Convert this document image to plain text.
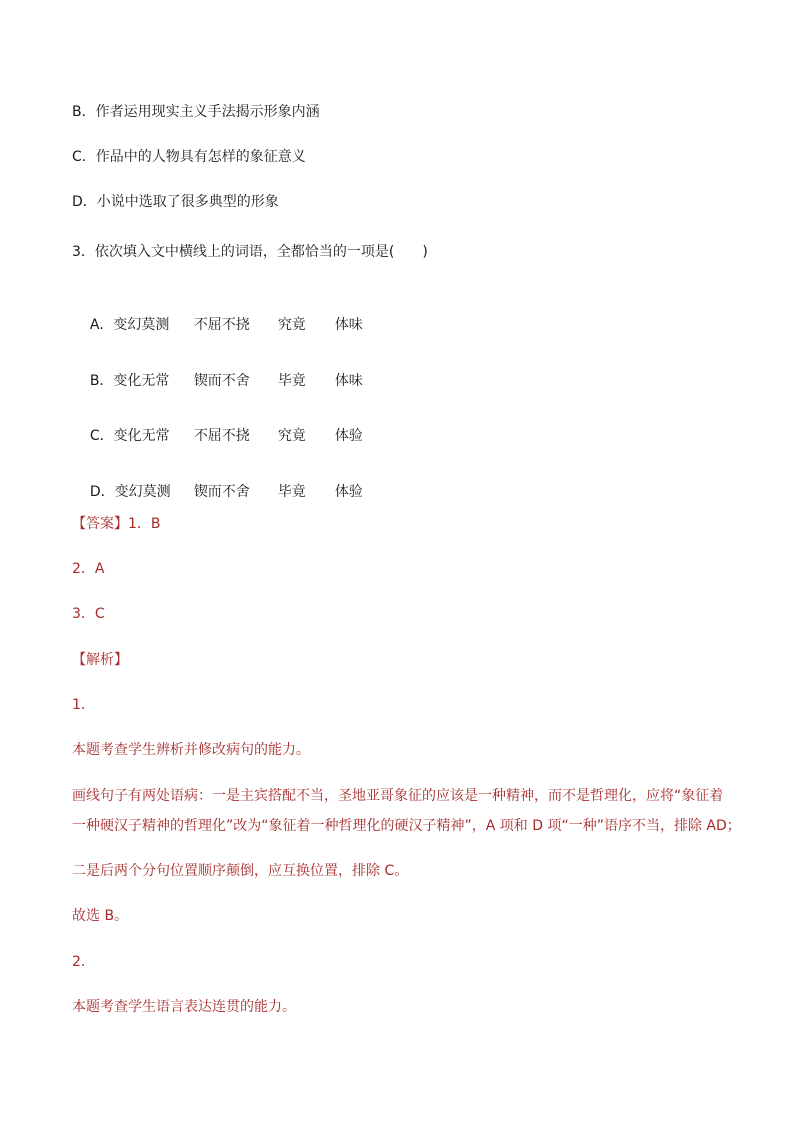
B．作者运用现实主义手法揭示形象内涵
C．作品中的人物具有怎样的象征意义
D．小说中选取了很多典型的形象
3．依次填入文中横线上的词语，全都恰当的一项是(　　)

A．变幻莫测 不屈不挠 究竟 体味

B．变化无常 锲而不舍 毕竟 体味

C．变化无常 不屈不挠 究竟 体验

D．变幻莫测 锲而不舍 毕竟 体验

【答案】1．B
2．A
3．C
【解析】
1．
本题考查学生辨析并修改病句的能力。
画线句子有两处语病：一是主宾搭配不当，圣地亚哥象征的应该是一种精神，而不是哲理化，应将“象征着
一种硬汉子精神的哲理化”改为“象征着一种哲理化的硬汉子精神”，A 项和 D 项“一种”语序不当，排除 AD；
二是后两个分句位置顺序颠倒，应互换位置，排除 C。
故选 B。
2．
本题考查学生语言表达连贯的能力。
